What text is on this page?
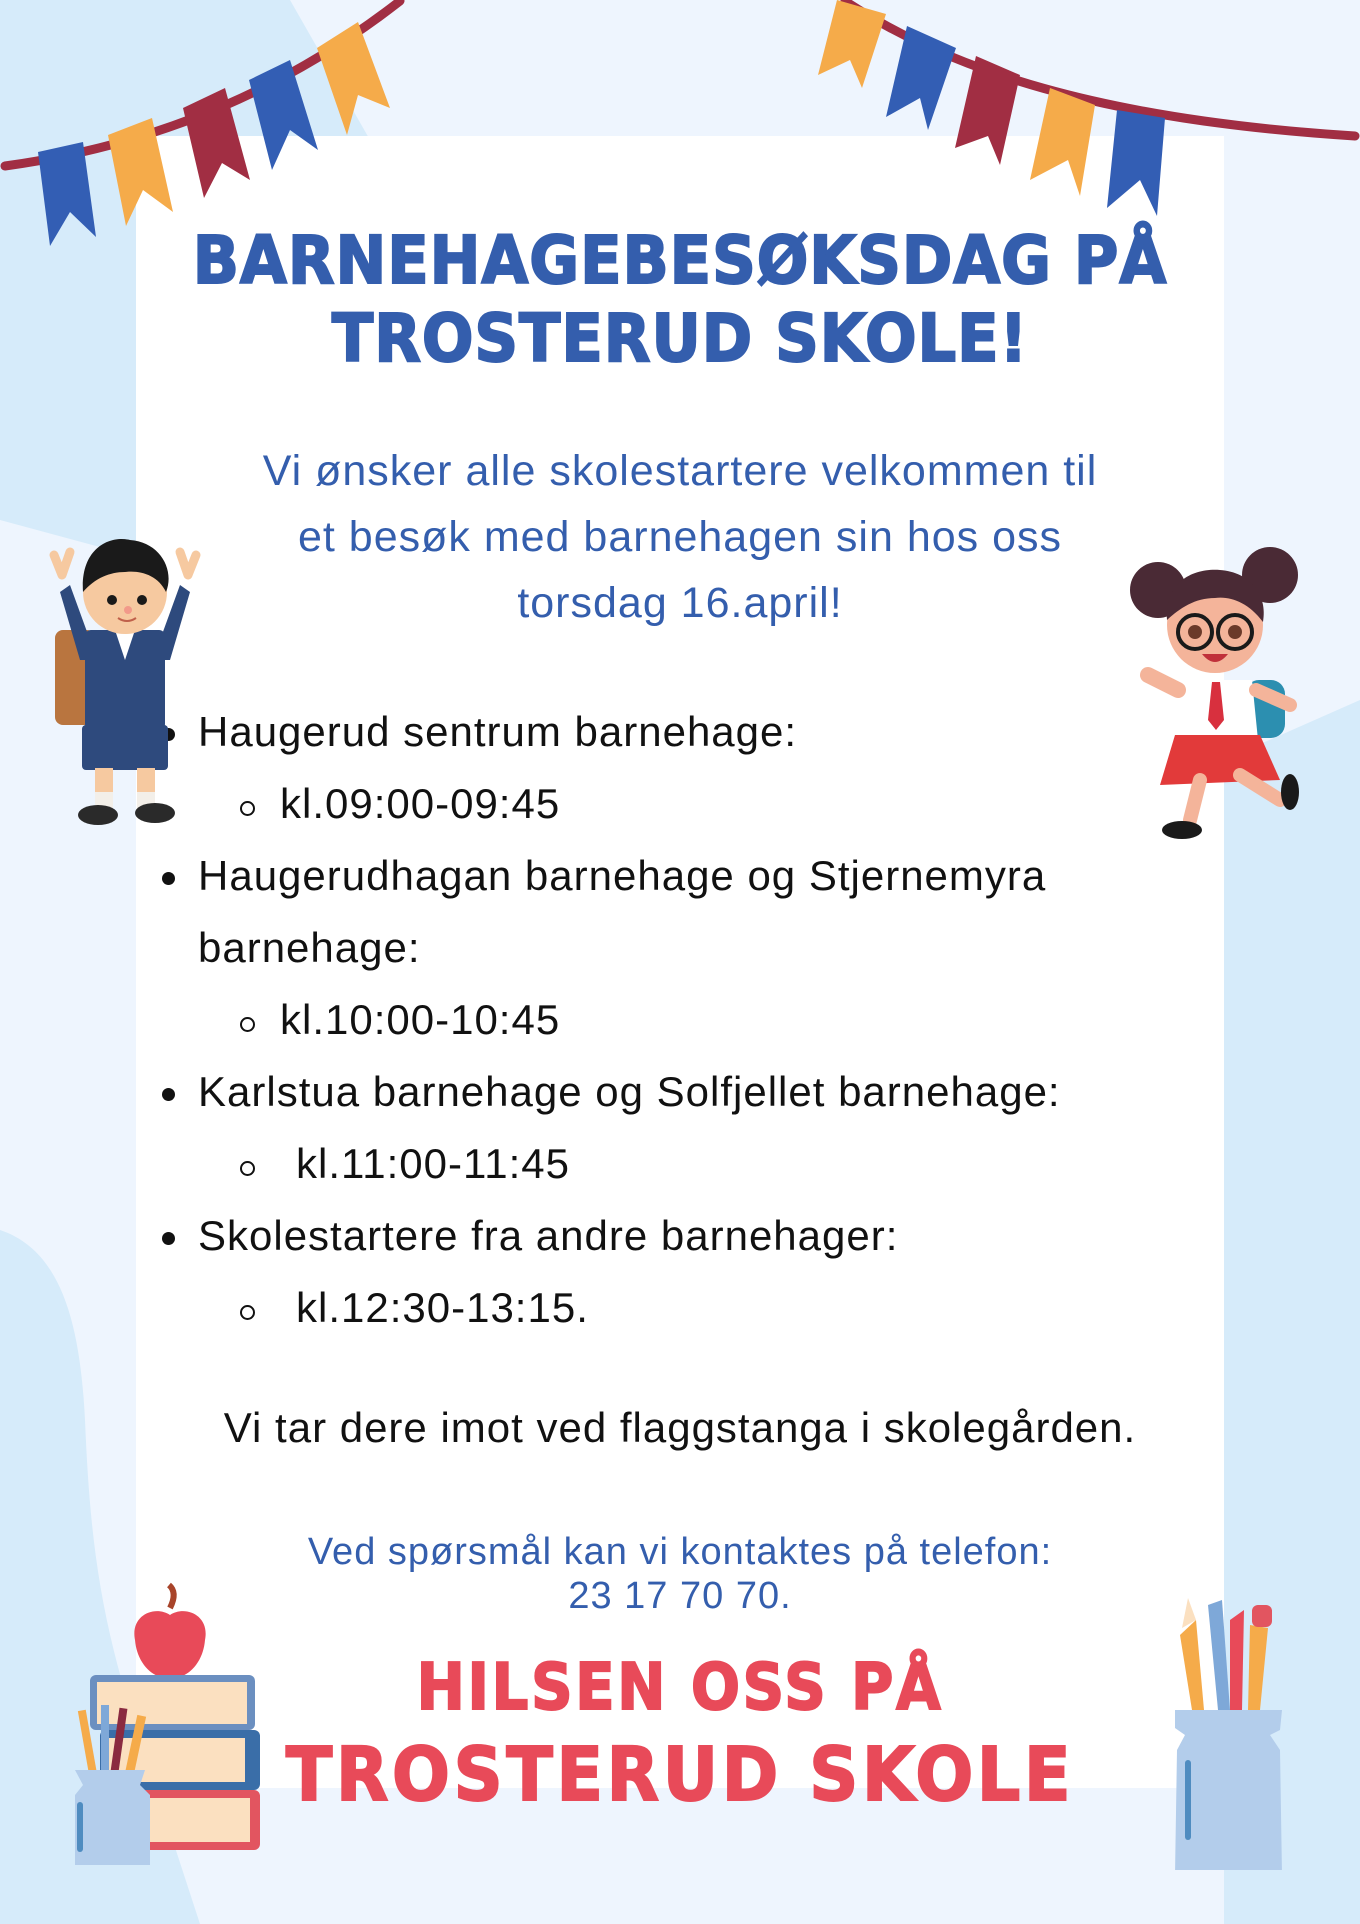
BARNEHAGEBESØKSDAG PÅ
TROSTERUD SKOLE!
Vi ønsker alle skolestartere velkommen til
et besøk med barnehagen sin hos oss
torsdag 16.april!
Haugerud sentrum barnehage:
kl.09:00-09:45
Haugerudhagan barnehage og Stjernemyra
barnehage:
kl.10:00-10:45
Karlstua barnehage og Solfjellet barnehage:
kl.11:00-11:45
Skolestartere fra andre barnehager:
kl.12:30-13:15.
Vi tar dere imot ved flaggstanga i skolegården.
Ved spørsmål kan vi kontaktes på telefon:
23 17 70 70.
HILSEN OSS PÅ
TROSTERUD SKOLE
